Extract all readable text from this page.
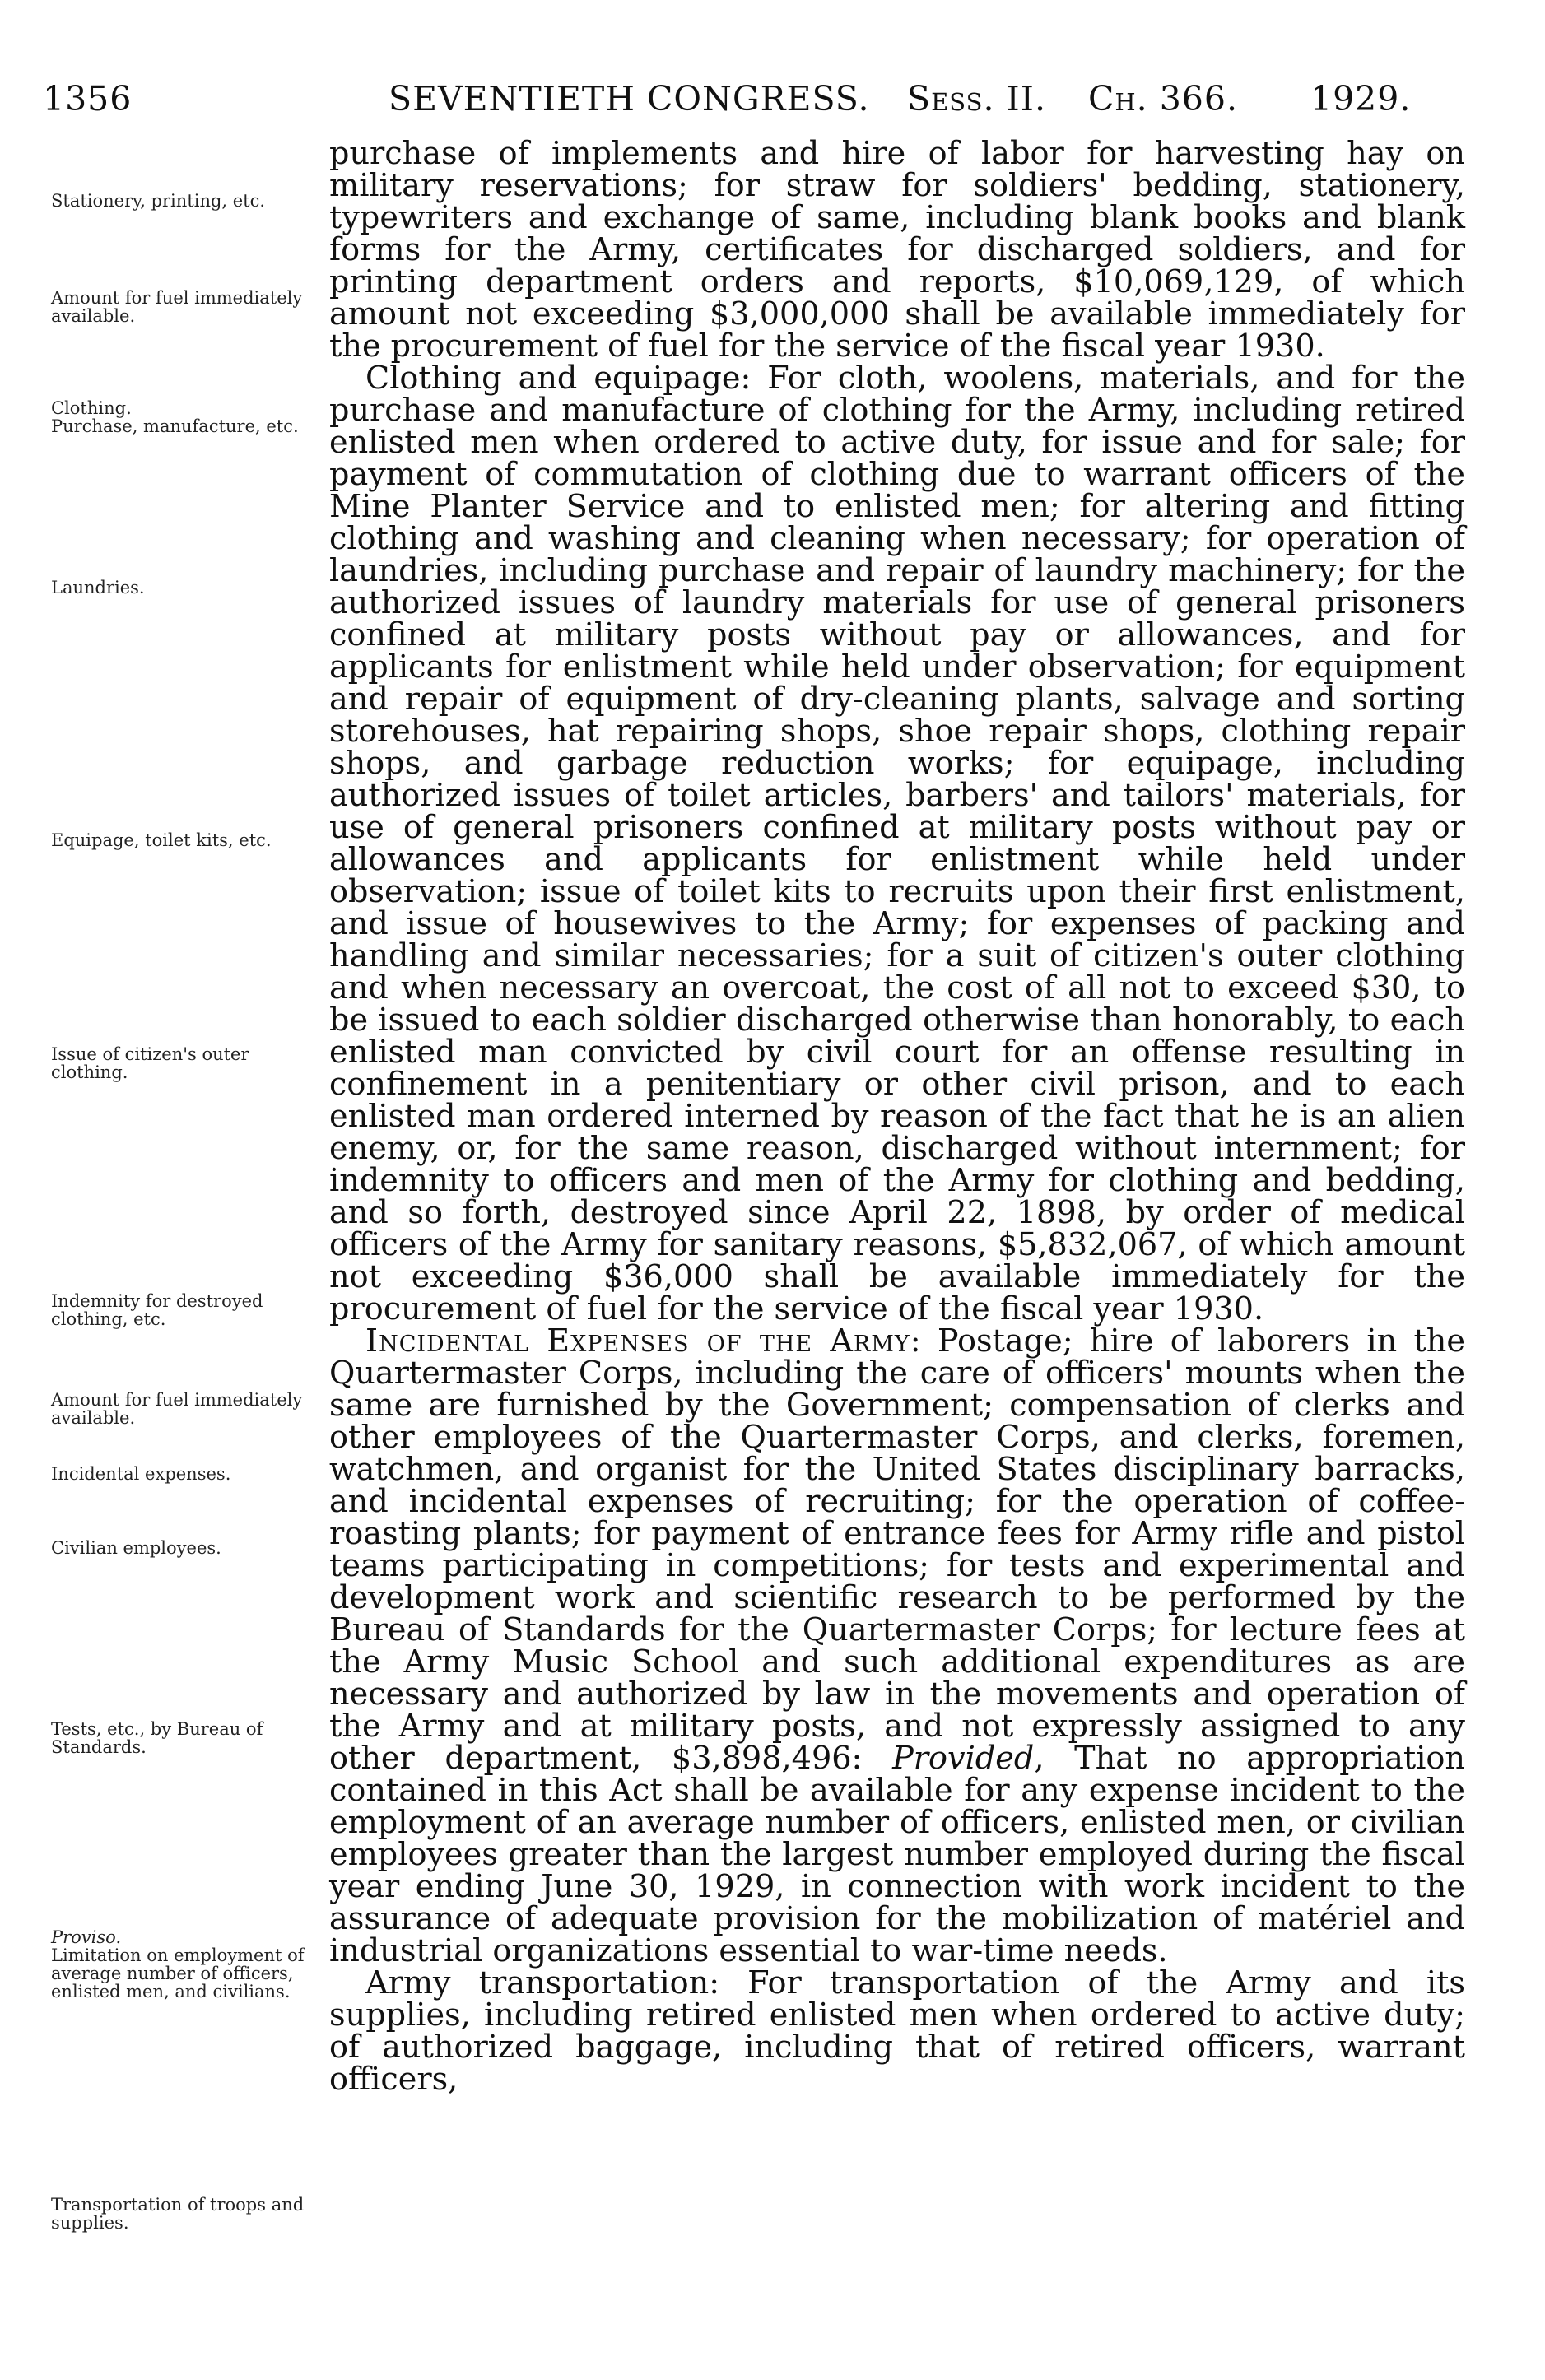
1356	SEVENTIETH CONGRESS. Sess. II. Ch. 366. 1929.
Stationery, printing, etc.
Amount for fuel immediately available.
Clothing.
Purchase, manufacture, etc.
Laundries.
Equipage, toilet kits, etc.
Issue of citizen's outer clothing.
Indemnity for destroyed clothing, etc.
Amount for fuel immediately available.
Incidental expenses.
Civilian employees.
Tests, etc., by Bureau of Standards.
Proviso.
Limitation on employment of average number of officers, enlisted men, and civilians.
Transportation of troops and supplies.

purchase of implements and hire of labor for harvesting hay on military reservations; for straw for soldiers' bedding, stationery, typewriters and exchange of same, including blank books and blank forms for the Army, certificates for discharged soldiers, and for printing department orders and reports, $10,069,129, of which amount not exceeding $3,000,000 shall be available immediately for the procurement of fuel for the service of the fiscal year 1930.

Clothing and equipage: For cloth, woolens, materials, and for the purchase and manufacture of clothing for the Army, including retired enlisted men when ordered to active duty, for issue and for sale; for payment of commutation of clothing due to warrant officers of the Mine Planter Service and to enlisted men; for altering and fitting clothing and washing and cleaning when necessary; for operation of laundries, including purchase and repair of laundry machinery; for the authorized issues of laundry materials for use of general prisoners confined at military posts without pay or allowances, and for applicants for enlistment while held under observation; for equipment and repair of equipment of dry-cleaning plants, salvage and sorting storehouses, hat repairing shops, shoe repair shops, clothing repair shops, and garbage reduction works; for equipage, including authorized issues of toilet articles, barbers' and tailors' materials, for use of general prisoners confined at military posts without pay or allowances and applicants for enlistment while held under observation; issue of toilet kits to recruits upon their first enlistment, and issue of housewives to the Army; for expenses of packing and handling and similar necessaries; for a suit of citizen's outer clothing and when necessary an overcoat, the cost of all not to exceed $30, to be issued to each soldier discharged otherwise than honorably, to each enlisted man convicted by civil court for an offense resulting in confinement in a penitentiary or other civil prison, and to each enlisted man ordered interned by reason of the fact that he is an alien enemy, or, for the same reason, discharged without internment; for indemnity to officers and men of the Army for clothing and bedding, and so forth, destroyed since April 22, 1898, by order of medical officers of the Army for sanitary reasons, $5,832,067, of which amount not exceeding $36,000 shall be available immediately for the procurement of fuel for the service of the fiscal year 1930.

Incidental Expenses of the Army: Postage; hire of laborers in the Quartermaster Corps, including the care of officers' mounts when the same are furnished by the Government; compensation of clerks and other employees of the Quartermaster Corps, and clerks, foremen, watchmen, and organist for the United States disciplinary barracks, and incidental expenses of recruiting; for the operation of coffee-roasting plants; for payment of entrance fees for Army rifle and pistol teams participating in competitions; for tests and experimental and development work and scientific research to be performed by the Bureau of Standards for the Quartermaster Corps; for lecture fees at the Army Music School and such additional expenditures as are necessary and authorized by law in the movements and operation of the Army and at military posts, and not expressly assigned to any other department, $3,898,496: Provided, That no appropriation contained in this Act shall be available for any expense incident to the employment of an average number of officers, enlisted men, or civilian employees greater than the largest number employed during the fiscal year ending June 30, 1929, in connection with work incident to the assurance of adequate provision for the mobilization of matériel and industrial organizations essential to war-time needs.

Army transportation: For transportation of the Army and its supplies, including retired enlisted men when ordered to active duty; of authorized baggage, including that of retired officers, warrant officers,
